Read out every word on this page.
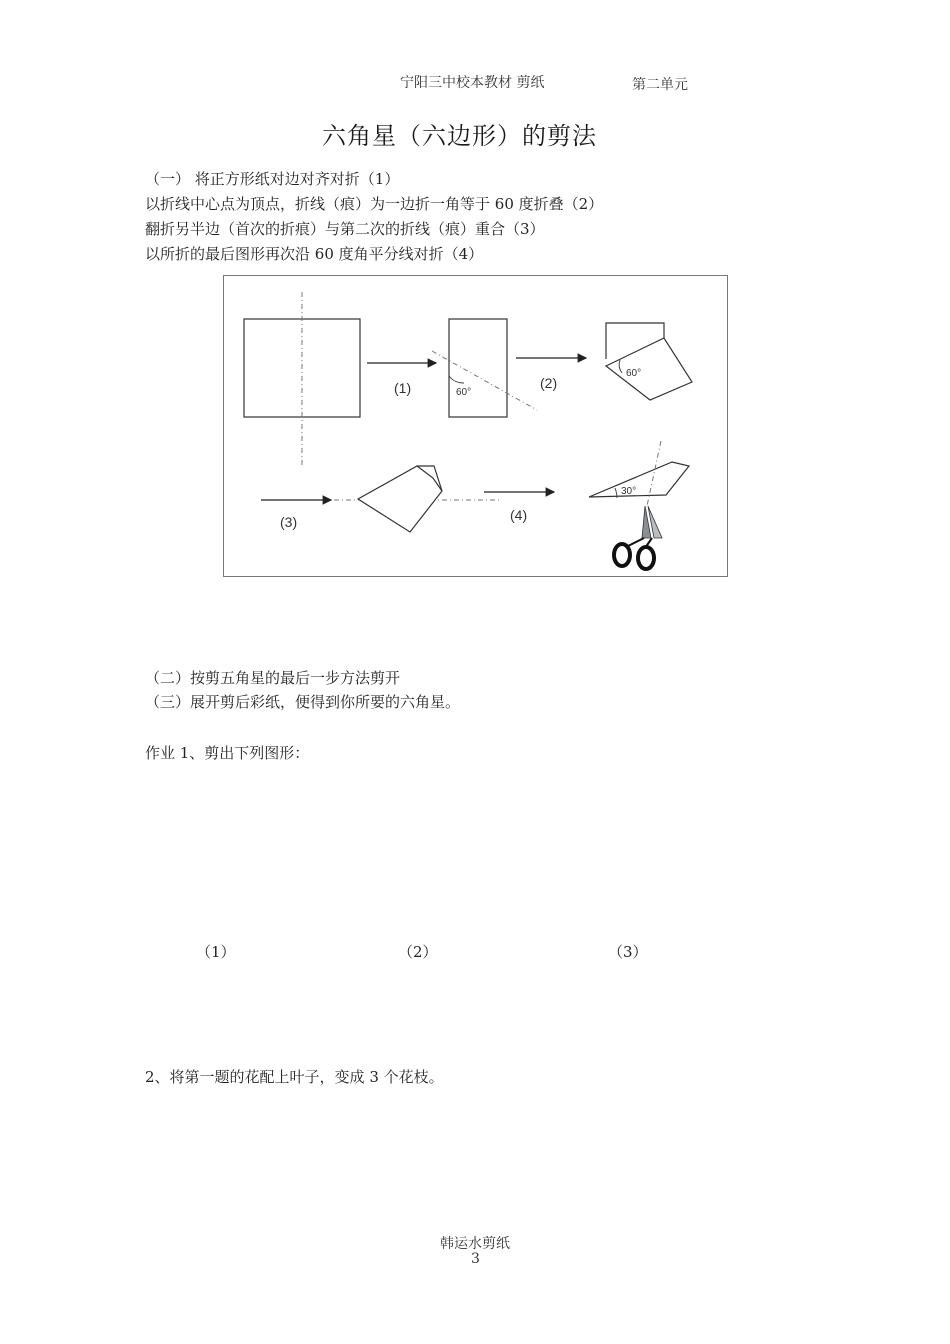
宁阳三中校本教材 剪纸	第二单元
六角星（六边形）的剪法
（一） 将正方形纸对边对齐对折（1）
以折线中心点为顶点，折线（痕）为一边折一角等于 60 度折叠（2）
翻折另半边（首次的折痕）与第二次的折线（痕）重合（3）
以所折的最后图形再次沿 60 度角平分线对折（4）
(1)	60°
(2)
60°
(3)	(4)
30°
（二）按剪五角星的最后一步方法剪开
（三）展开剪后彩纸，便得到你所要的六角星。
作业 1、剪出下列图形：
（1）	（2）	（3）
2、将第一题的花配上叶子，变成 3 个花枝。
韩运水剪纸
3
